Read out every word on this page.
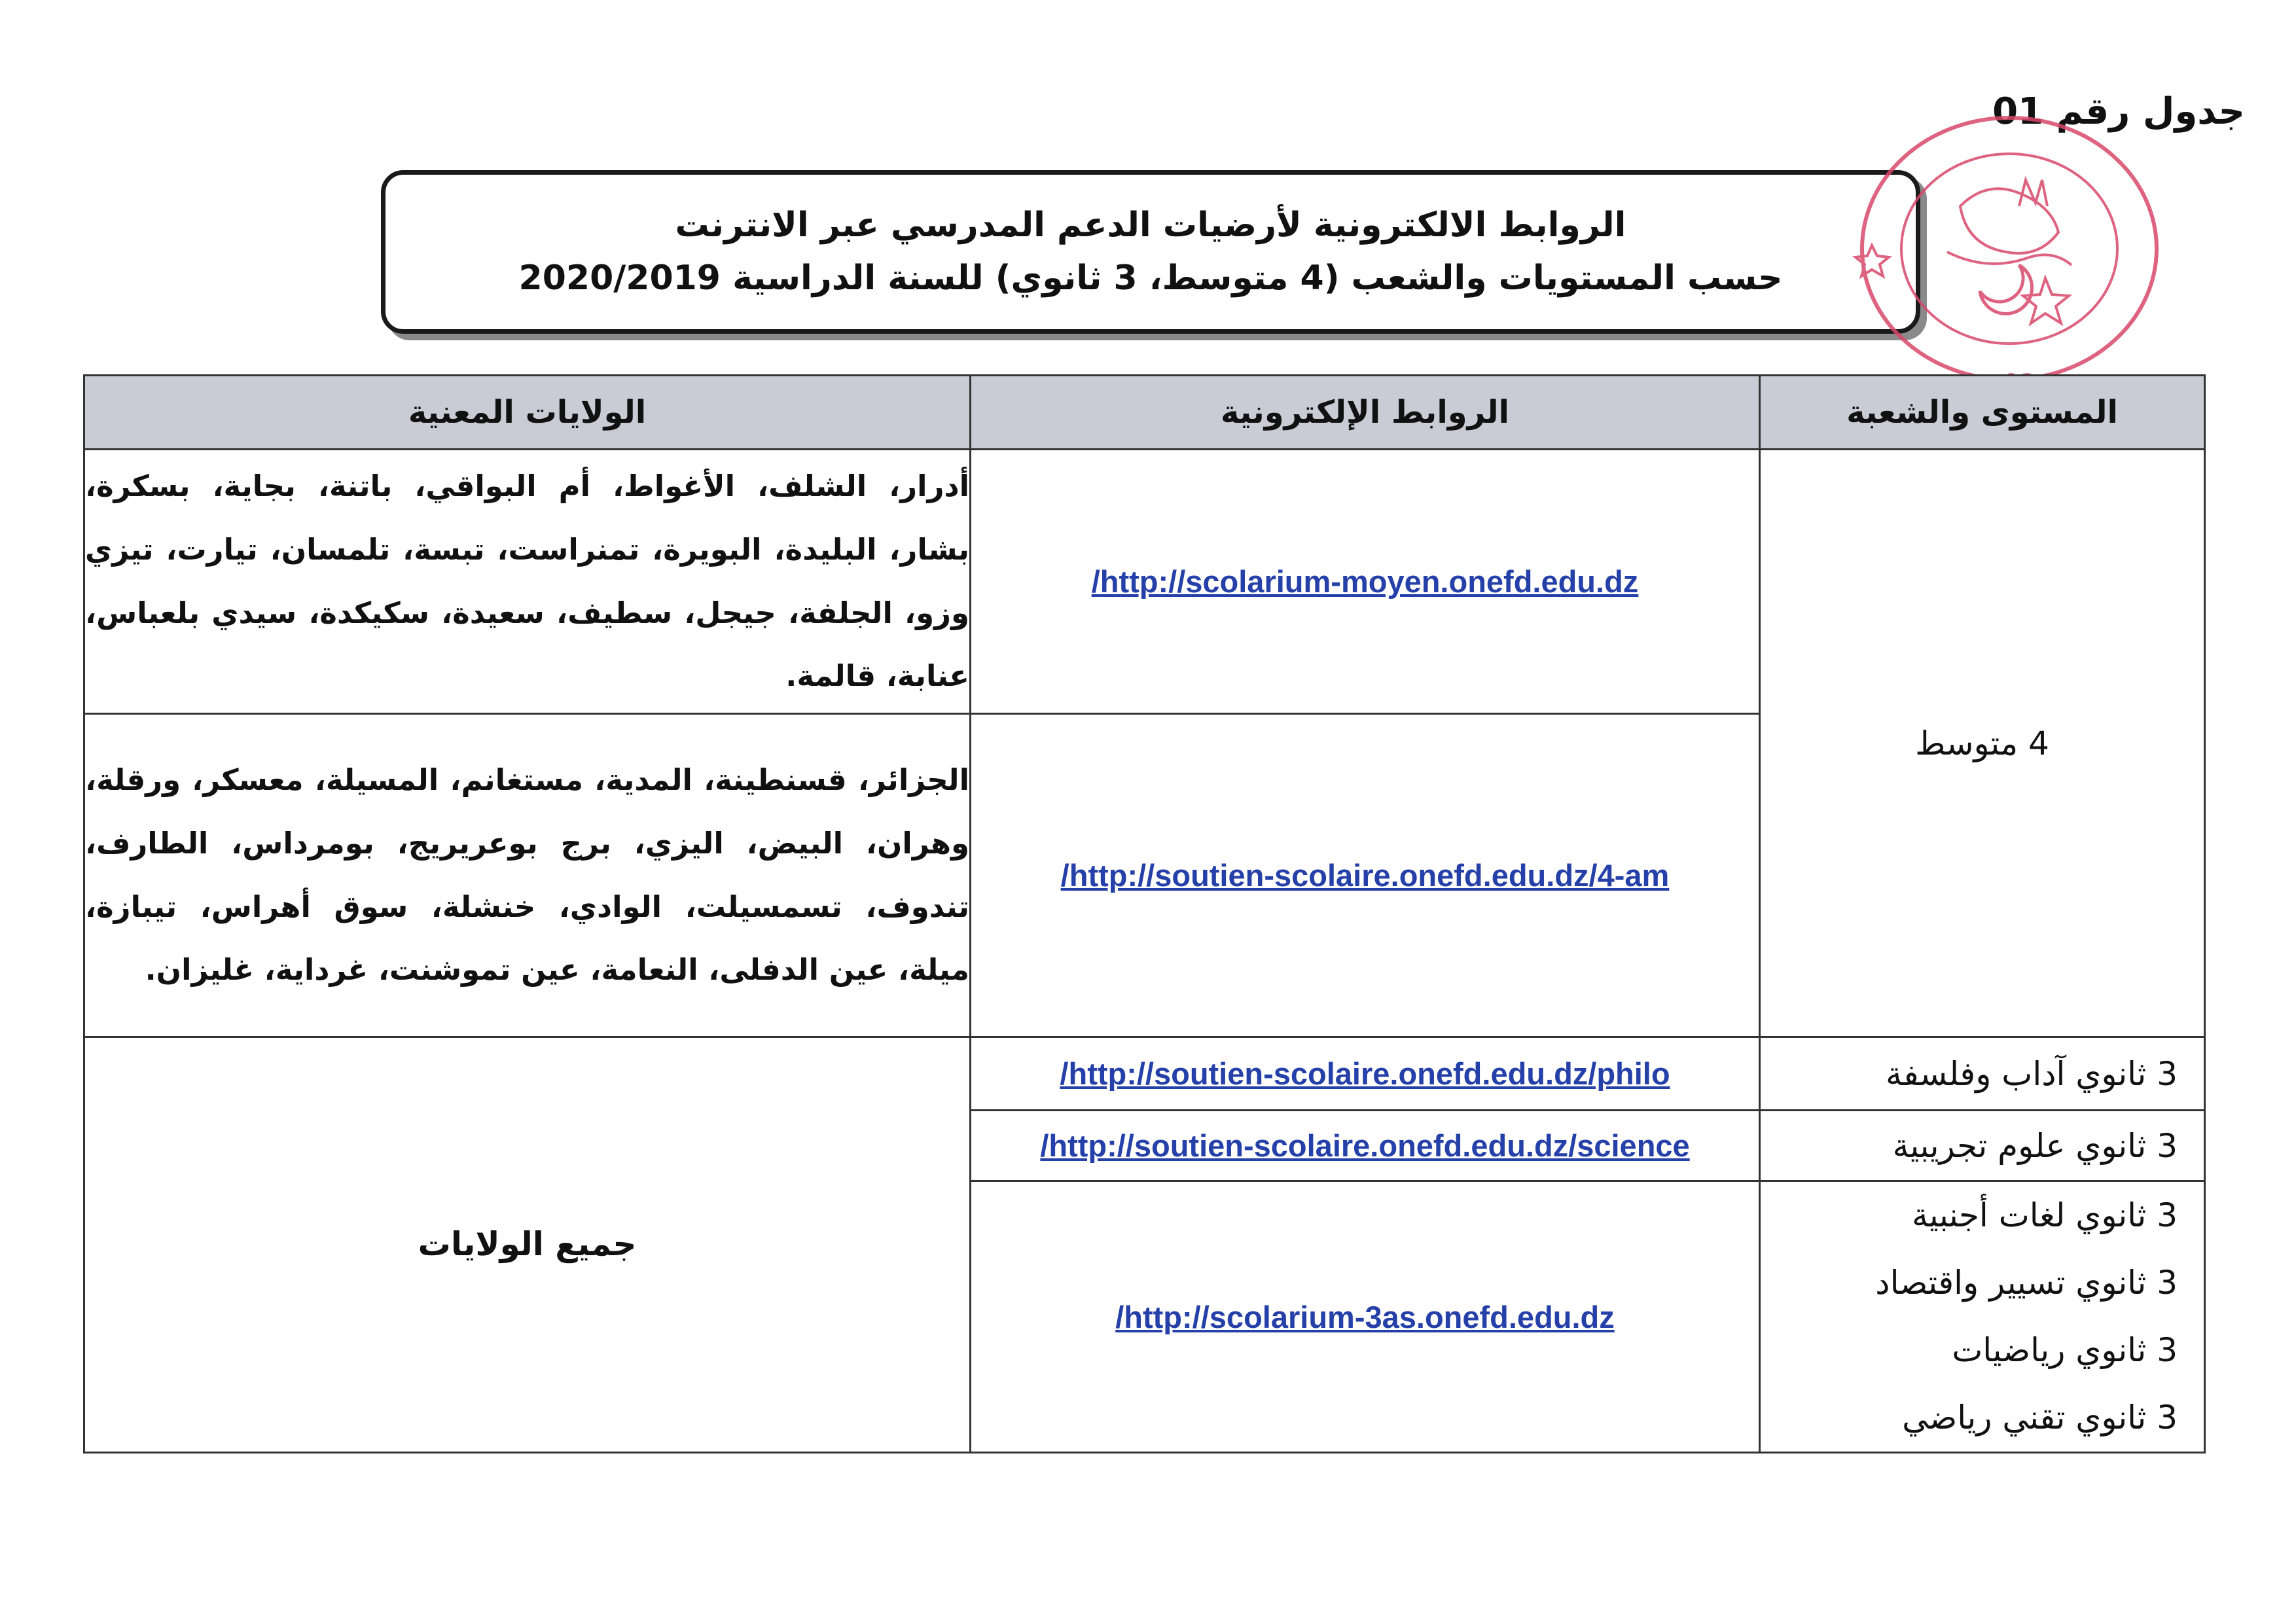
جدول رقم 01
الروابط الالكترونية لأرضيات الدعم المدرسي عبر الانترنت
حسب المستويات والشعب (4 متوسط، 3 ثانوي) للسنة الدراسية 2020/2019
المستوى والشعبة	الروابط الإلكترونية	الولايات المعنية
4 متوسط	http://scolarium-moyen.onefd.edu.dz/	أدرار، الشلف، الأغواط، أم البواقي، باتنة، بجاية، بسكرة، بشار، البليدة، البويرة، تمنراست، تبسة، تلمسان، تيارت، تيزي وزو، الجلفة، جيجل، سطيف، سعيدة، سكيكدة، سيدي بلعباس، عنابة، قالمة.
	http://soutien-scolaire.onefd.edu.dz/4-am/	الجزائر، قسنطينة، المدية، مستغانم، المسيلة، معسكر، ورقلة، وهران، البيض، اليزي، برج بوعريريج، بومرداس، الطارف، تندوف، تسمسيلت، الوادي، خنشلة، سوق أهراس، تيبازة، ميلة، عين الدفلى، النعامة، عين تموشنت، غرداية، غليزان.
3 ثانوي آداب وفلسفة	http://soutien-scolaire.onefd.edu.dz/philo/	جميع الولايات
3 ثانوي علوم تجريبية	http://soutien-scolaire.onefd.edu.dz/science/	

3 ثانوي لغات أجنبية
3 ثانوي تسيير واقتصاد
3 ثانوي رياضيات
3 ثانوي تقني رياضي	http://scolarium-3as.onefd.edu.dz/	
